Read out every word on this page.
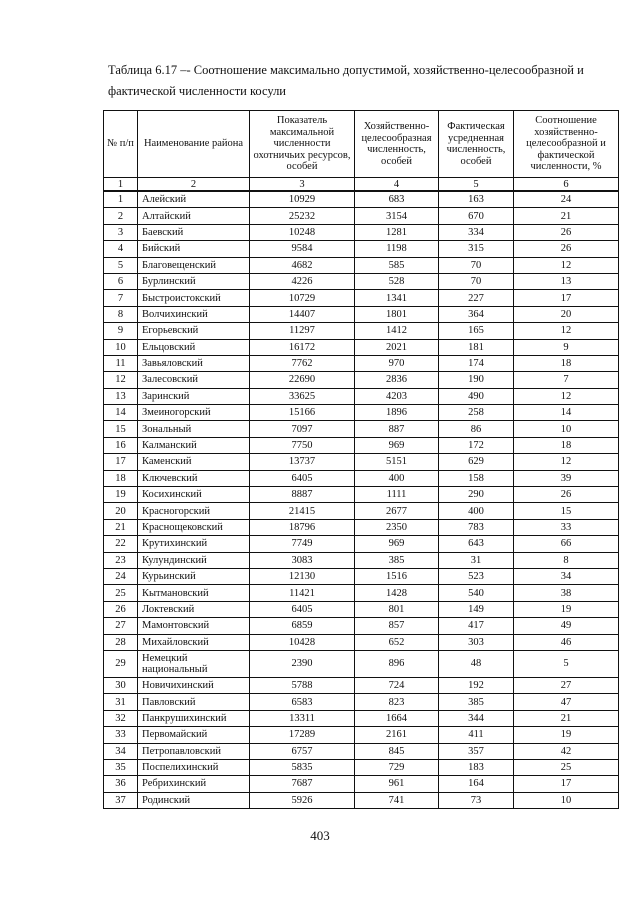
Таблица 6.17 –- Соотношение максимально допустимой, хозяйственно-целесообразной и
фактической численности косули
№ п/п	Наименование района	Показатель максимальной численности охотничьих ресурсов, особей	Хозяйственно-целесообразная численность, особей	Фактическая усредненная численность, особей	Соотношение хозяйственно-целесообразной и фактической численности, %
1	2	3	4	5	6
1	Алейский	10929	683	163	24
2	Алтайский	25232	3154	670	21
3	Баевский	10248	1281	334	26
4	Бийский	9584	1198	315	26
5	Благовещенский	4682	585	70	12
6	Бурлинский	4226	528	70	13
7	Быстроистокский	10729	1341	227	17
8	Волчихинский	14407	1801	364	20
9	Егорьевский	11297	1412	165	12
10	Ельцовский	16172	2021	181	9
11	Завьяловский	7762	970	174	18
12	Залесовский	22690	2836	190	7
13	Заринский	33625	4203	490	12
14	Змеиногорский	15166	1896	258	14
15	Зональный	7097	887	86	10
16	Калманский	7750	969	172	18
17	Каменский	13737	5151	629	12
18	Ключевский	6405	400	158	39
19	Косихинский	8887	1111	290	26
20	Красногорский	21415	2677	400	15
21	Краснощековский	18796	2350	783	33
22	Крутихинский	7749	969	643	66
23	Кулундинский	3083	385	31	8
24	Курьинский	12130	1516	523	34
25	Кытмановский	11421	1428	540	38
26	Локтевский	6405	801	149	19
27	Мамонтовский	6859	857	417	49
28	Михайловский	10428	652	303	46
29	Немецкий национальный	2390	896	48	5
30	Новичихинский	5788	724	192	27
31	Павловский	6583	823	385	47
32	Панкрушихинский	13311	1664	344	21
33	Первомайский	17289	2161	411	19
34	Петропавловский	6757	845	357	42
35	Поспелихинский	5835	729	183	25
36	Ребрихинский	7687	961	164	17
37	Родинский	5926	741	73	10
403
